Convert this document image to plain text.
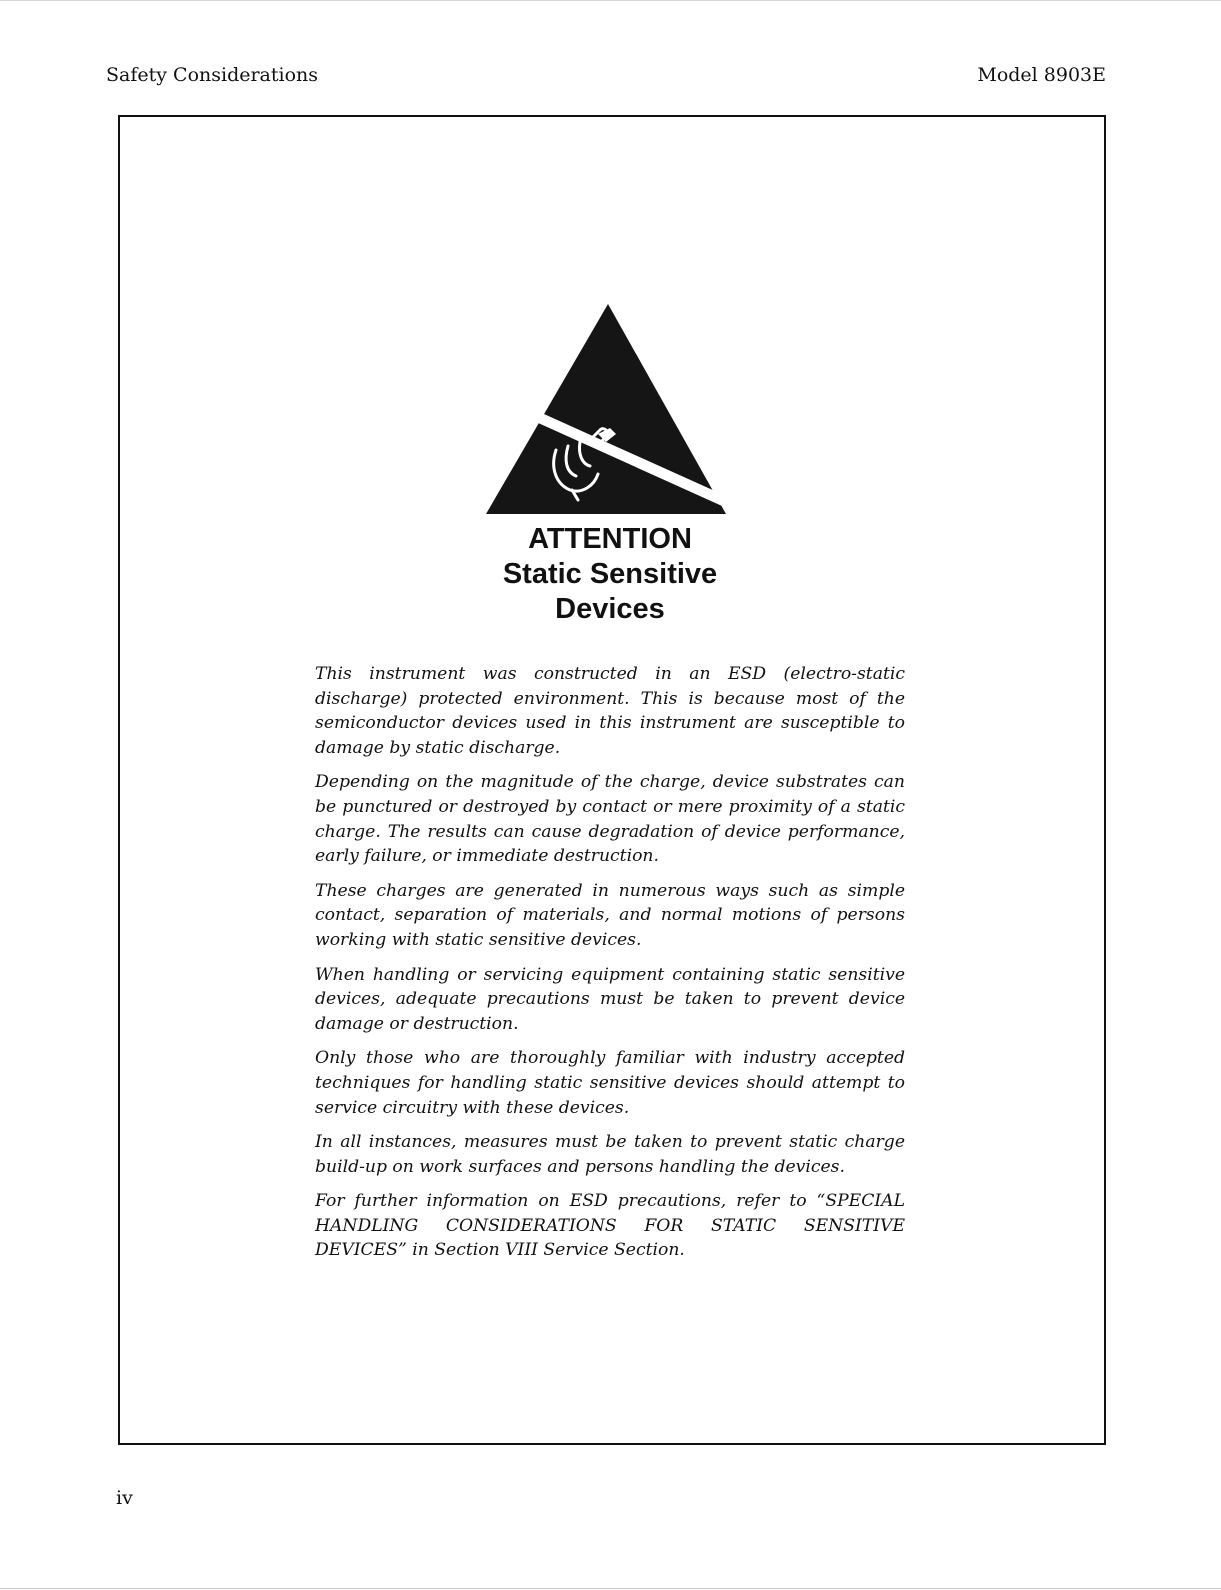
Safety Considerations	Model 8903E
ATTENTION
Static Sensitive
Devices

This instrument was constructed in an ESD (electro-static discharge) protected environment. This is because most of the semiconductor devices used in this instrument are susceptible to damage by static discharge.

Depending on the magnitude of the charge, device substrates can be punctured or destroyed by contact or mere proximity of a static charge. The results can cause degradation of device performance, early failure, or immediate destruction.

These charges are generated in numerous ways such as simple contact, separation of materials, and normal motions of persons working with static sensitive devices.

When handling or servicing equipment containing static sensitive devices, adequate precautions must be taken to prevent device damage or destruction.

Only those who are thoroughly familiar with industry accepted techniques for handling static sensitive devices should attempt to service circuitry with these devices.

In all instances, measures must be taken to prevent static charge build-up on work surfaces and persons handling the devices.

For further information on ESD precautions, refer to “SPECIAL HANDLING CONSIDERATIONS FOR STATIC SENSITIVE DEVICES” in Section VIII Service Section.

iv
